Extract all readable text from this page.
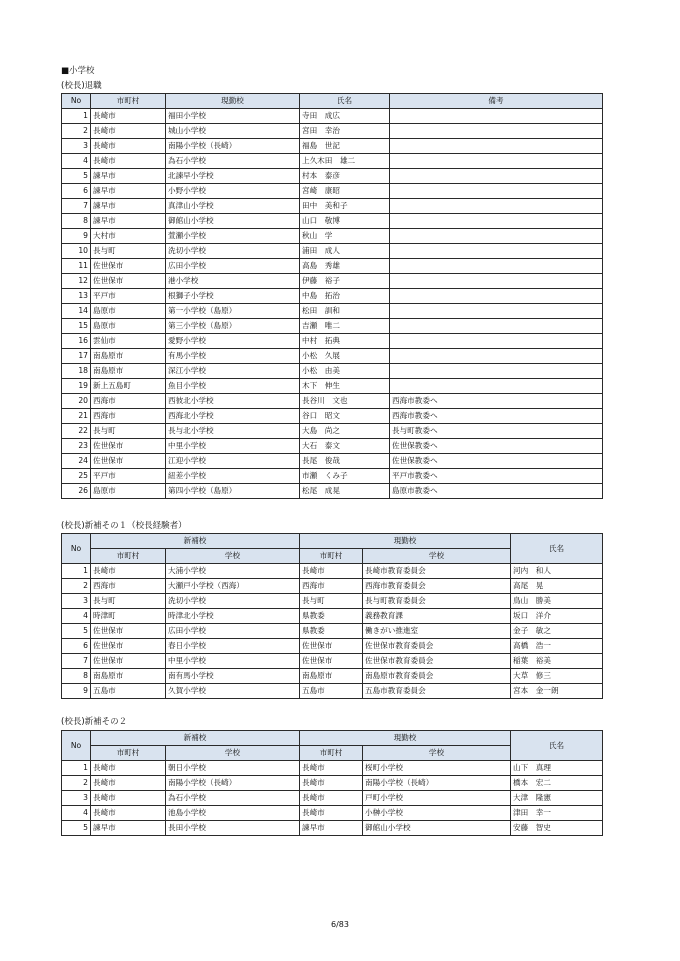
■小学校
(校長)退職
No	市町村	現勤校	氏名	備考
1	長崎市	福田小学校	寺田　成広	
2	長崎市	城山小学校	宮田　幸治	
3	長崎市	南陽小学校（長崎）	福島　世記	
4	長崎市	為石小学校	上久木田　雄二	
5	諫早市	北諫早小学校	村本　泰彦	
6	諫早市	小野小学校	宮崎　康昭	
7	諫早市	真津山小学校	田中　美和子	
8	諫早市	御館山小学校	山口　敬博	
9	大村市	萱瀬小学校	秋山　学	
10	長与町	洗切小学校	浦田　成人	
11	佐世保市	広田小学校	高島　秀雄	
12	佐世保市	港小学校	伊藤　裕子	
13	平戸市	根獅子小学校	中島　拓治	
14	島原市	第一小学校（島原）	松田　訓和	
15	島原市	第三小学校（島原）	吉瀬　唯二	
16	雲仙市	愛野小学校	中村　拓典	
17	南島原市	有馬小学校	小松　久展	
18	南島原市	深江小学校	小松　由美	
19	新上五島町	魚目小学校	木下　伸生	
20	西海市	西彼北小学校	長谷川　文也	西海市教委へ
21	西海市	西海北小学校	谷口　昭文	西海市教委へ
22	長与町	長与北小学校	大島　尚之	長与町教委へ
23	佐世保市	中里小学校	大石　泰文	佐世保教委へ
24	佐世保市	江迎小学校	長尾　俊哉	佐世保教委へ
25	平戸市	紐差小学校	市瀬　くみ子	平戸市教委へ
26	島原市	第四小学校（島原）	松尾　成晃	島原市教委へ
(校長)新補その１（校長経験者）
No	新補校		現勤校		氏名
	市町村	学校	市町村	学校	
1	長崎市	大浦小学校	長崎市	長崎市教育委員会	河内　和人
2	西海市	大瀬戸小学校（西海）	西海市	西海市教育委員会	高尾　晃
3	長与町	洗切小学校	長与町	長与町教育委員会	鳥山　勝美
4	時津町	時津北小学校	県教委	義務教育課	坂口　洋介
5	佐世保市	広田小学校	県教委	働きがい推進室	金子　敏之
6	佐世保市	春日小学校	佐世保市	佐世保市教育委員会	高橋　浩一
7	佐世保市	中里小学校	佐世保市	佐世保市教育委員会	稲葉　裕美
8	南島原市	南有馬小学校	南島原市	南島原市教育委員会	大草　修三
9	五島市	久賀小学校	五島市	五島市教育委員会	宮本　金一朗
(校長)新補その２
No	新補校		現勤校		氏名
	市町村	学校	市町村	学校	
1	長崎市	朝日小学校	長崎市	桜町小学校	山下　真理
2	長崎市	南陽小学校（長崎）	長崎市	南陽小学校（長崎）	橋本　宏二
3	長崎市	為石小学校	長崎市	戸町小学校	大津　隆憲
4	長崎市	池島小学校	長崎市	小榊小学校	津田　幸一
5	諫早市	長田小学校	諫早市	御館山小学校	安藤　智史
6/83
